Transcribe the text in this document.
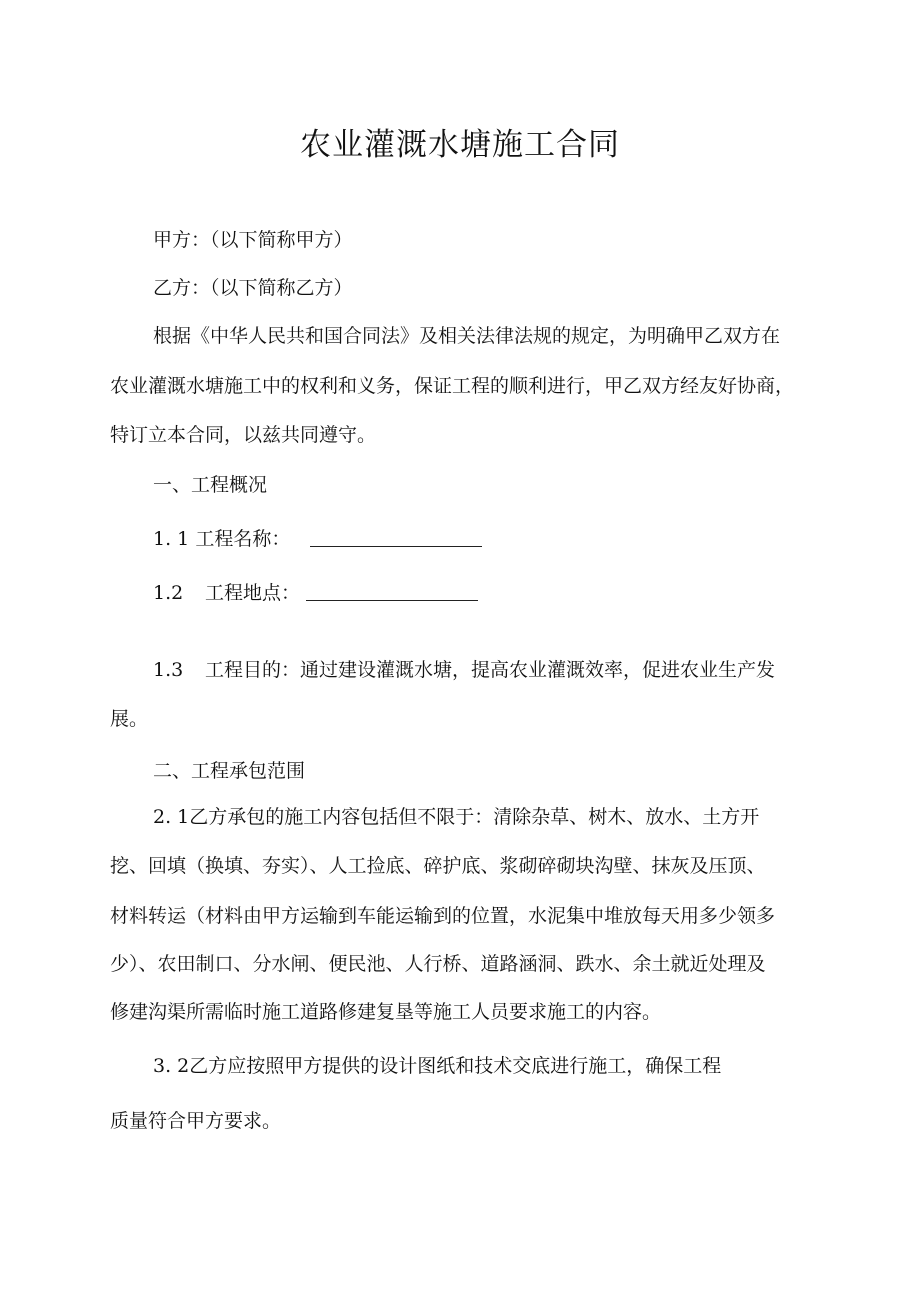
农业灌溉水塘施工合同

甲方：（以下简称甲方）

乙方：（以下简称乙方）

根据《中华人民共和国合同法》及相关法律法规的规定，为明确甲乙双方在

农业灌溉水塘施工中的权利和义务，保证工程的顺利进行，甲乙双方经友好协商，

特订立本合同，以兹共同遵守。

一、工程概况

1. 1 工程名称：

1.2 工程地点：

1.3 工程目的：通过建设灌溉水塘，提高农业灌溉效率，促进农业生产发

展。

二、工程承包范围

2. 1乙方承包的施工内容包括但不限于：清除杂草、树木、放水、土方开

挖、回填（换填、夯实）、人工捡底、碎护底、浆砌碎砌块沟壁、抹灰及压顶、

材料转运（材料由甲方运输到车能运输到的位置，水泥集中堆放每天用多少领多

少）、农田制口、分水闸、便民池、人行桥、道路涵洞、跌水、余土就近处理及

修建沟渠所需临时施工道路修建复垦等施工人员要求施工的内容。

3. 2乙方应按照甲方提供的设计图纸和技术交底进行施工，确保工程

质量符合甲方要求。
